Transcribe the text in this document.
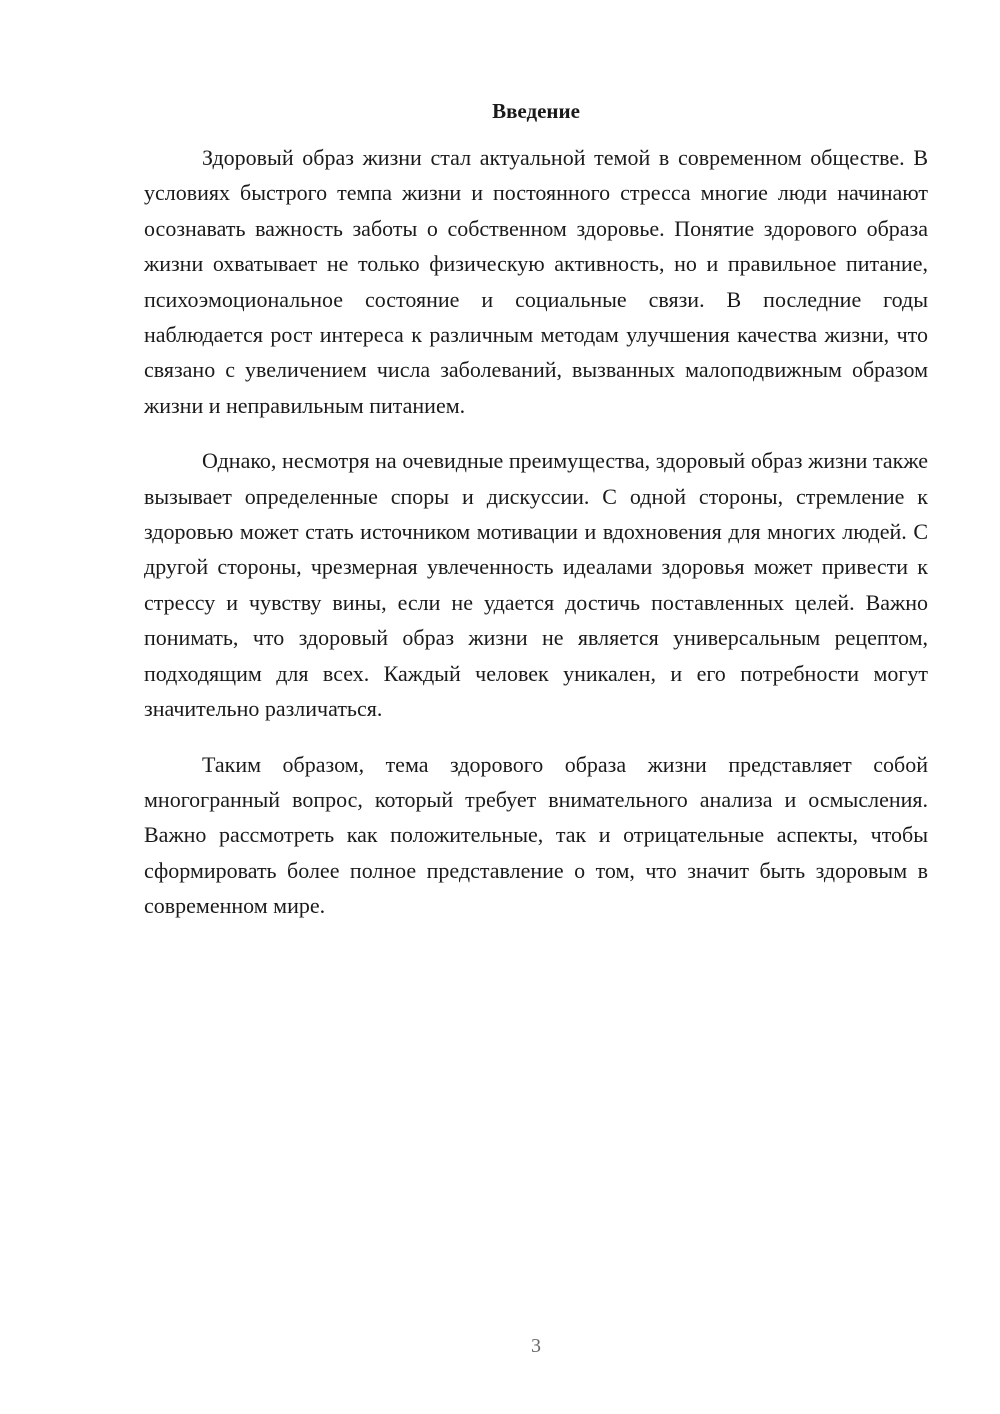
Введение

Здоровый образ жизни стал актуальной темой в современном обществе. В условиях быстрого темпа жизни и постоянного стресса многие люди начинают осознавать важность заботы о собственном здоровье. Понятие здорового образа жизни охватывает не только физическую активность, но и правильное питание, психоэмоциональное состояние и социальные связи. В последние годы наблюдается рост интереса к различным методам улучшения качества жизни, что связано с увеличением числа заболеваний, вызванных малоподвижным образом жизни и неправильным питанием.

Однако, несмотря на очевидные преимущества, здоровый образ жизни также вызывает определенные споры и дискуссии. С одной стороны, стремление к здоровью может стать источником мотивации и вдохновения для многих людей. С другой стороны, чрезмерная увлеченность идеалами здоровья может привести к стрессу и чувству вины, если не удается достичь поставленных целей. Важно понимать, что здоровый образ жизни не является универсальным рецептом, подходящим для всех. Каждый человек уникален, и его потребности могут значительно различаться.

Таким образом, тема здорового образа жизни представляет собой многогранный вопрос, который требует внимательного анализа и осмысления. Важно рассмотреть как положительные, так и отрицательные аспекты, чтобы сформировать более полное представление о том, что значит быть здоровым в современном мире.

3
